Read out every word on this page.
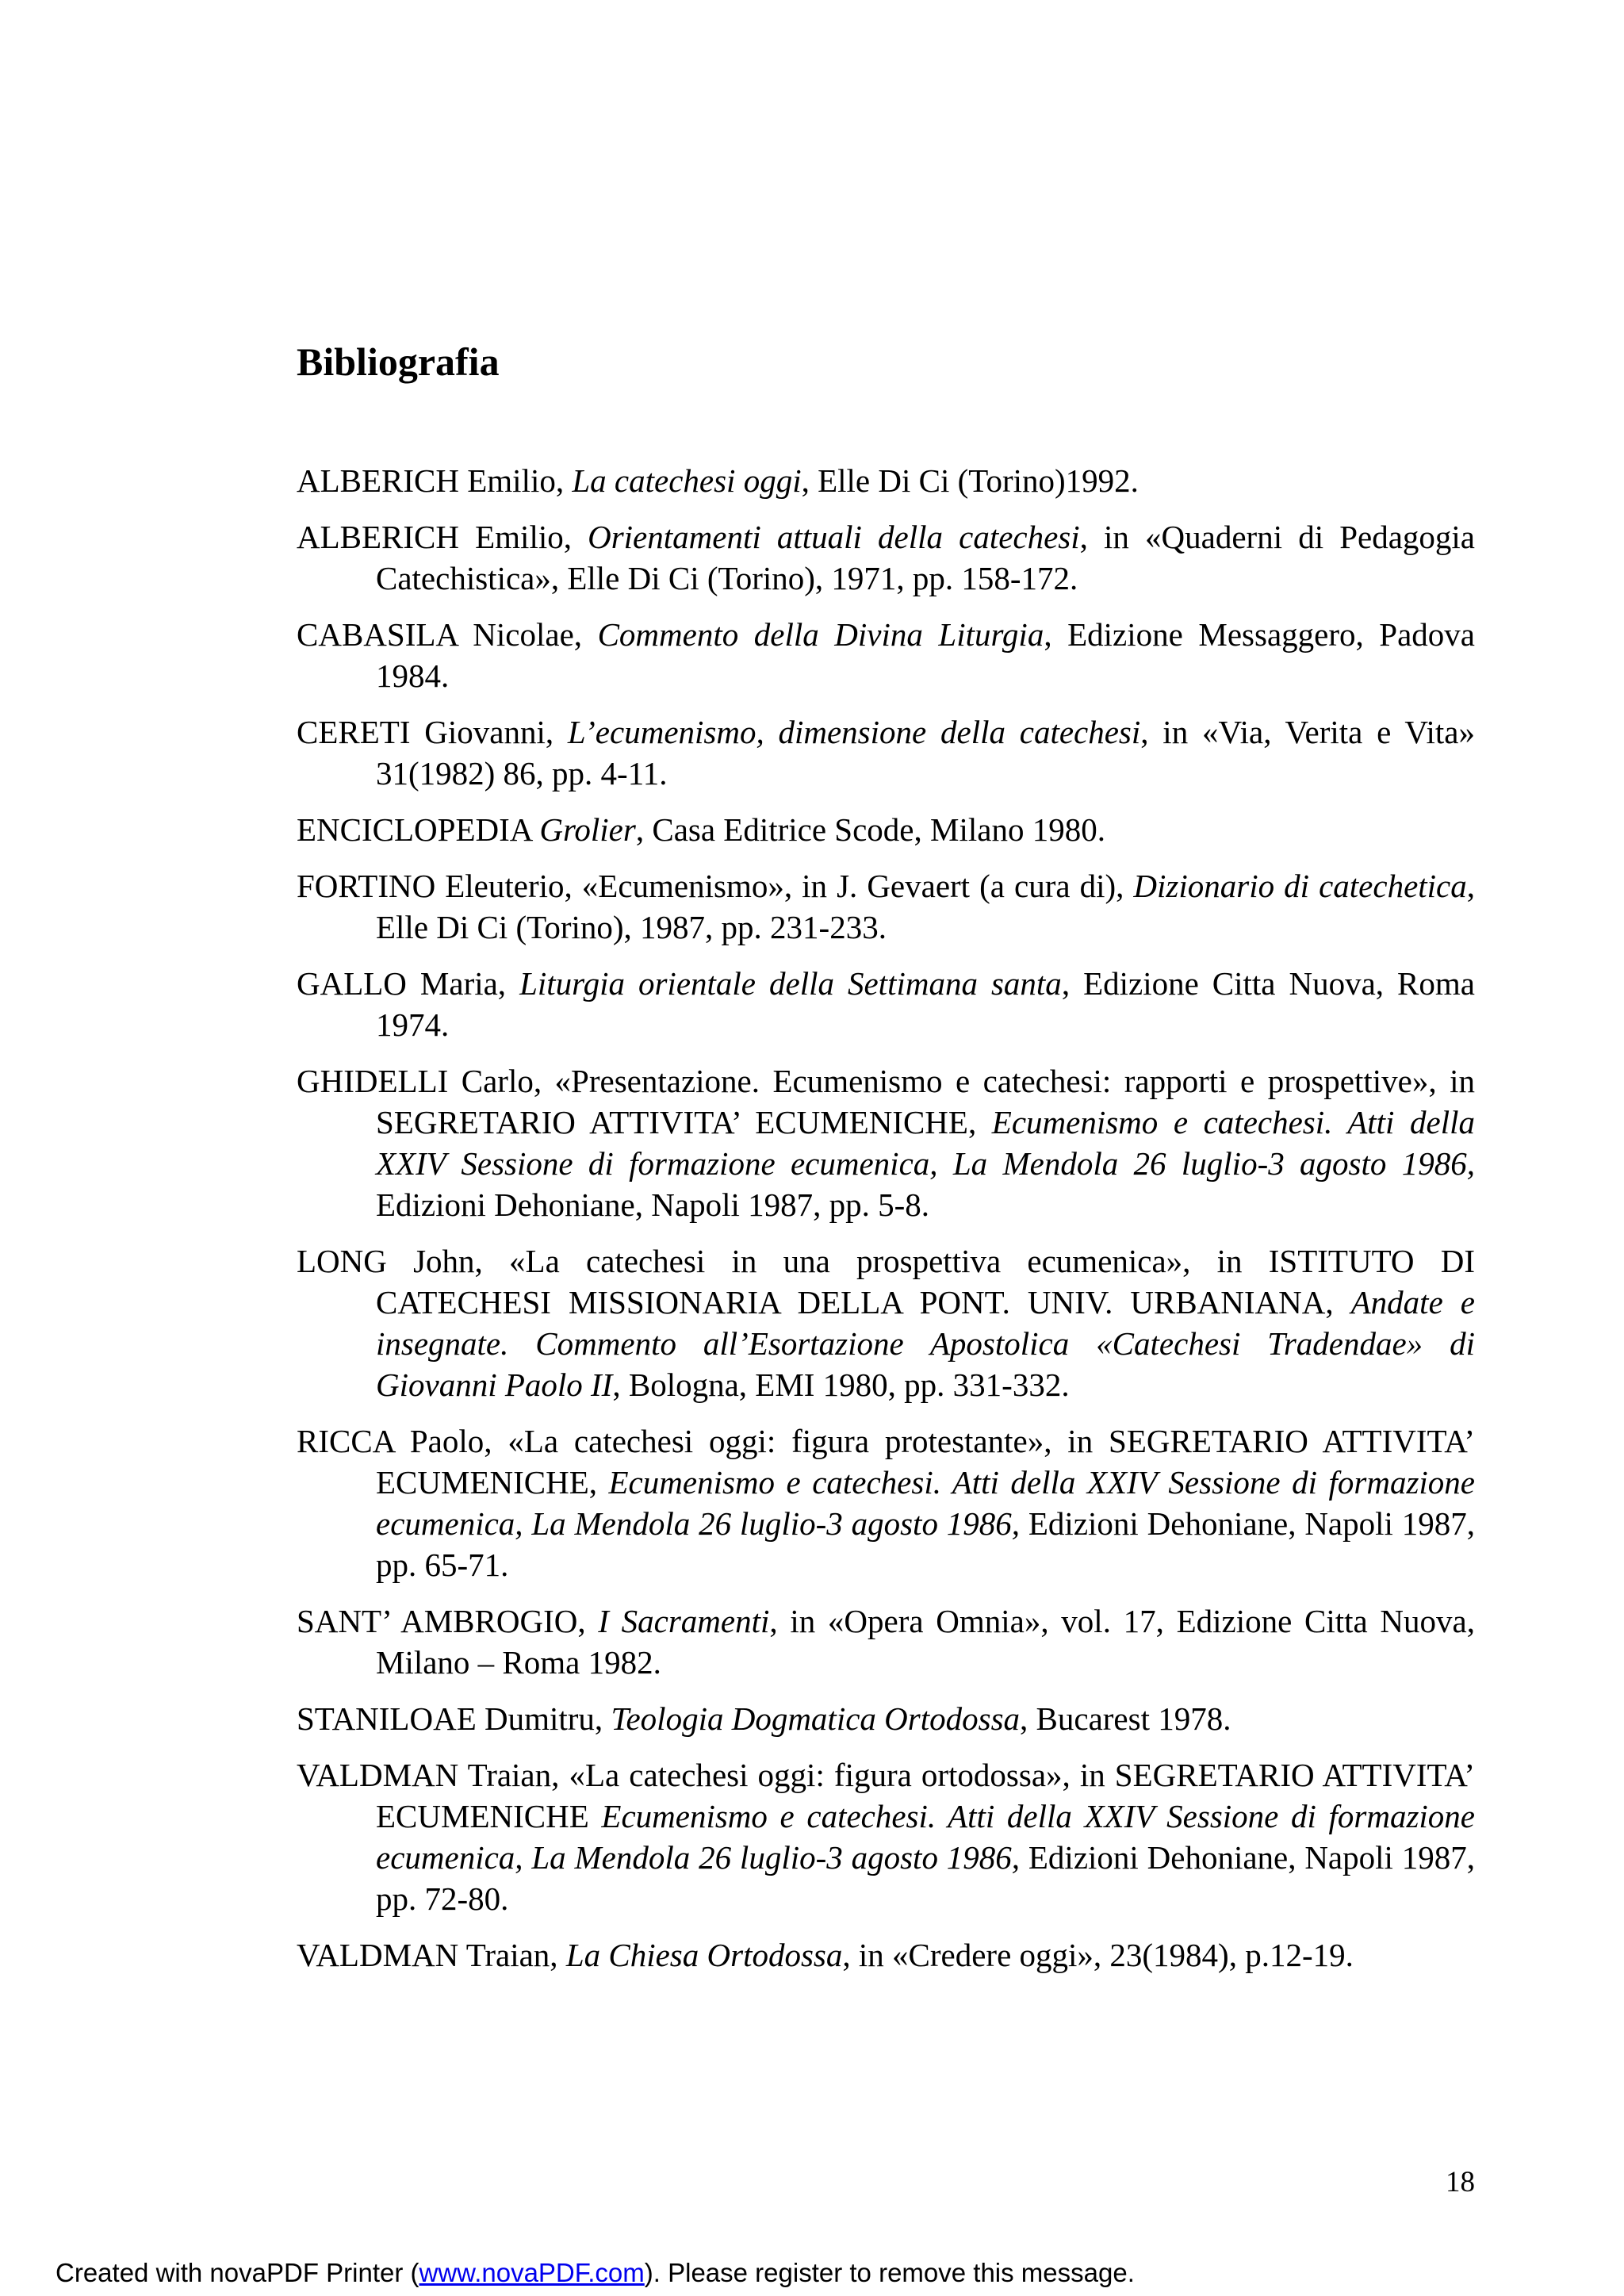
Bibliografia

ALBERICH Emilio, La catechesi oggi, Elle Di Ci (Torino)1992.

ALBERICH Emilio, Orientamenti attuali della catechesi, in «Quaderni di Pedagogia Catechistica», Elle Di Ci (Torino), 1971, pp. 158-172.

CABASILA Nicolae, Commento della Divina Liturgia, Edizione Messaggero, Padova 1984.

CERETI Giovanni, L’ecumenismo, dimensione della catechesi, in «Via, Verita e Vita» 31(1982) 86, pp. 4-11.

ENCICLOPEDIA Grolier, Casa Editrice Scode, Milano 1980.

FORTINO Eleuterio, «Ecumenismo», in J. Gevaert (a cura di), Dizionario di catechetica, Elle Di Ci (Torino), 1987, pp. 231-233.

GALLO Maria, Liturgia orientale della Settimana santa, Edizione Citta Nuova, Roma 1974.

GHIDELLI Carlo, «Presentazione. Ecumenismo e catechesi: rapporti e prospettive», in SEGRETARIO ATTIVITA’ ECUMENICHE, Ecumenismo e catechesi. Atti della XXIV Sessione di formazione ecumenica, La Mendola 26 luglio-3 agosto 1986, Edizioni Dehoniane, Napoli 1987, pp. 5-8.

LONG John, «La catechesi in una prospettiva ecumenica», in ISTITUTO DI CATECHESI MISSIONARIA DELLA PONT. UNIV. URBANIANA, Andate e insegnate. Commento all’Esortazione Apostolica «Catechesi Tradendae» di Giovanni Paolo II, Bologna, EMI 1980, pp. 331-332.

RICCA Paolo, «La catechesi oggi: figura protestante», in SEGRETARIO ATTIVITA’ ECUMENICHE, Ecumenismo e catechesi. Atti della XXIV Sessione di formazione ecumenica, La Mendola 26 luglio-3 agosto 1986, Edizioni Dehoniane, Napoli 1987, pp. 65-71.

SANT’ AMBROGIO, I Sacramenti, in «Opera Omnia», vol. 17, Edizione Citta Nuova, Milano – Roma 1982.

STANILOAE Dumitru, Teologia Dogmatica Ortodossa, Bucarest 1978.

VALDMAN Traian, «La catechesi oggi: figura ortodossa», in SEGRETARIO ATTIVITA’ ECUMENICHE Ecumenismo e catechesi. Atti della XXIV Sessione di formazione ecumenica, La Mendola 26 luglio-3 agosto 1986, Edizioni Dehoniane, Napoli 1987, pp. 72-80.

VALDMAN Traian, La Chiesa Ortodossa, in «Credere oggi», 23(1984), p.12-19.

18
Created with novaPDF Printer (www.novaPDF.com). Please register to remove this message.
